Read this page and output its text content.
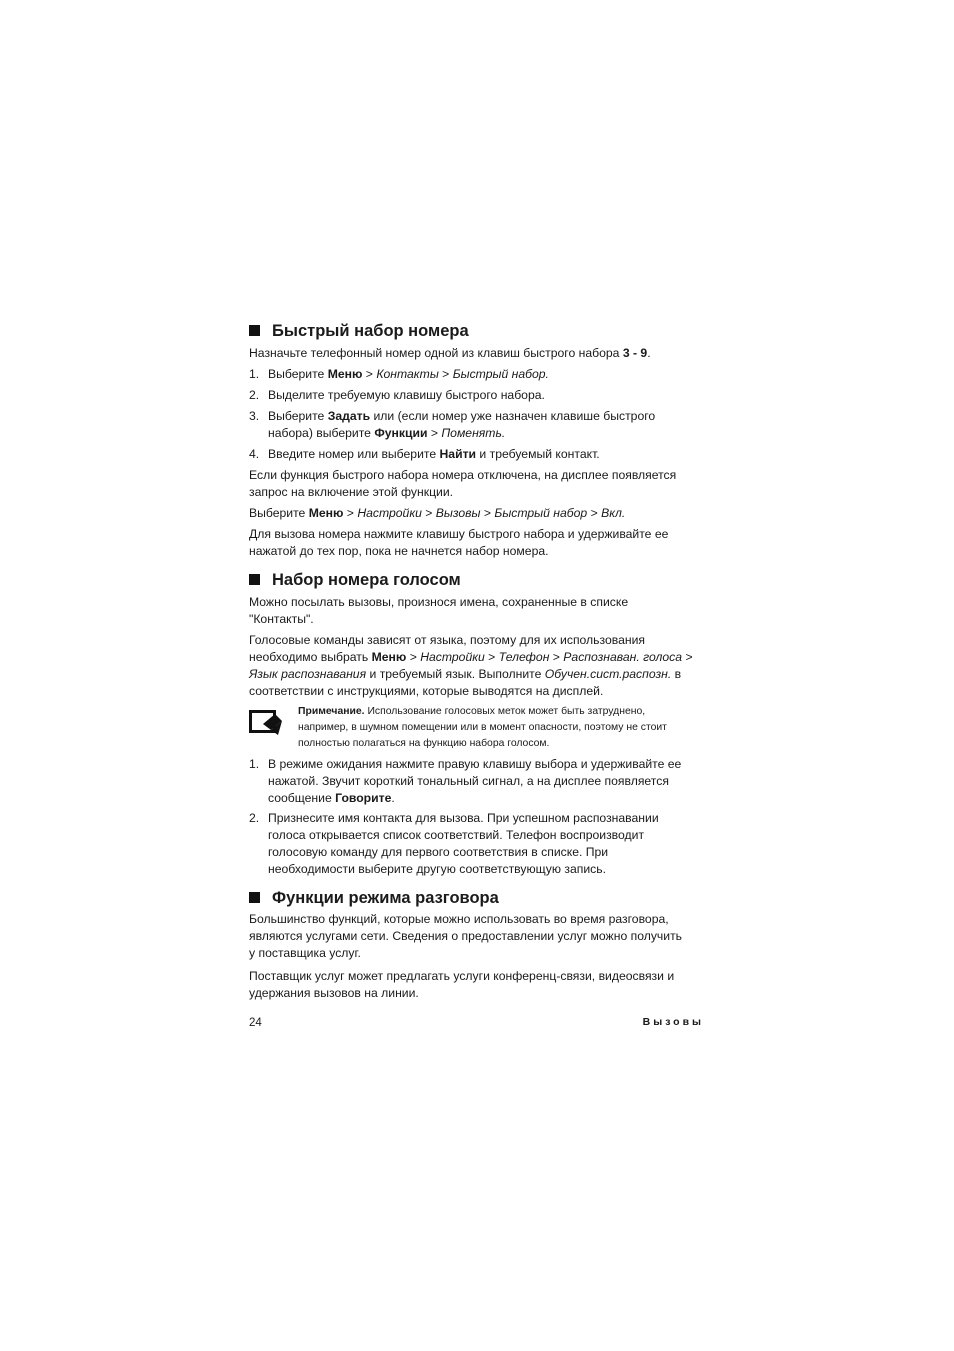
Быстрый набор номера
Назначьте телефонный номер одной из клавиш быстрого набора 3 - 9.
1. Выберите Меню > Контакты > Быстрый набор.
2. Выделите требуемую клавишу быстрого набора.
3. Выберите Задать или (если номер уже назначен клавише быстрого
набора) выберите Функции > Поменять.
4. Введите номер или выберите Найти и требуемый контакт.
Если функция быстрого набора номера отключена, на дисплее появляется
запрос на включение этой функции.
Выберите Меню > Настройки > Вызовы > Быстрый набор > Вкл.
Для вызова номера нажмите клавишу быстрого набора и удерживайте ее
нажатой до тех пор, пока не начнется набор номера.
Набор номера голосом
Можно посылать вызовы, произнося имена, сохраненные в списке
"Контакты".
Голосовые команды зависят от языка, поэтому для их использования
необходимо выбрать Меню > Настройки > Телефон > Распознаван. голоса >
Язык распознавания и требуемый язык. Выполните Обучен.сист.распозн. в
соответствии с инструкциями, которые выводятся на дисплей.
Примечание. Использование голосовых меток может быть затруднено,
например, в шумном помещении или в момент опасности, поэтому не стоит
полностью полагаться на функцию набора голосом.
1. В режиме ожидания нажмите правую клавишу выбора и удерживайте ее
нажатой. Звучит короткий тональный сигнал, а на дисплее появляется
сообщение Говорите.
2. Признесите имя контакта для вызова. При успешном распознавании
голоса открывается список соответствий. Телефон воспроизводит
голосовую команду для первого соответствия в списке. При
необходимости выберите другую соответствующую запись.
Функции режима разговора
Большинство функций, которые можно использовать во время разговора,
являются услугами сети. Сведения о предоставлении услуг можно получить
у поставщика услуг.
Поставщик услуг может предлагать услуги конференц-связи, видеосвязи и
удержания вызовов на линии.
24	Вызовы
